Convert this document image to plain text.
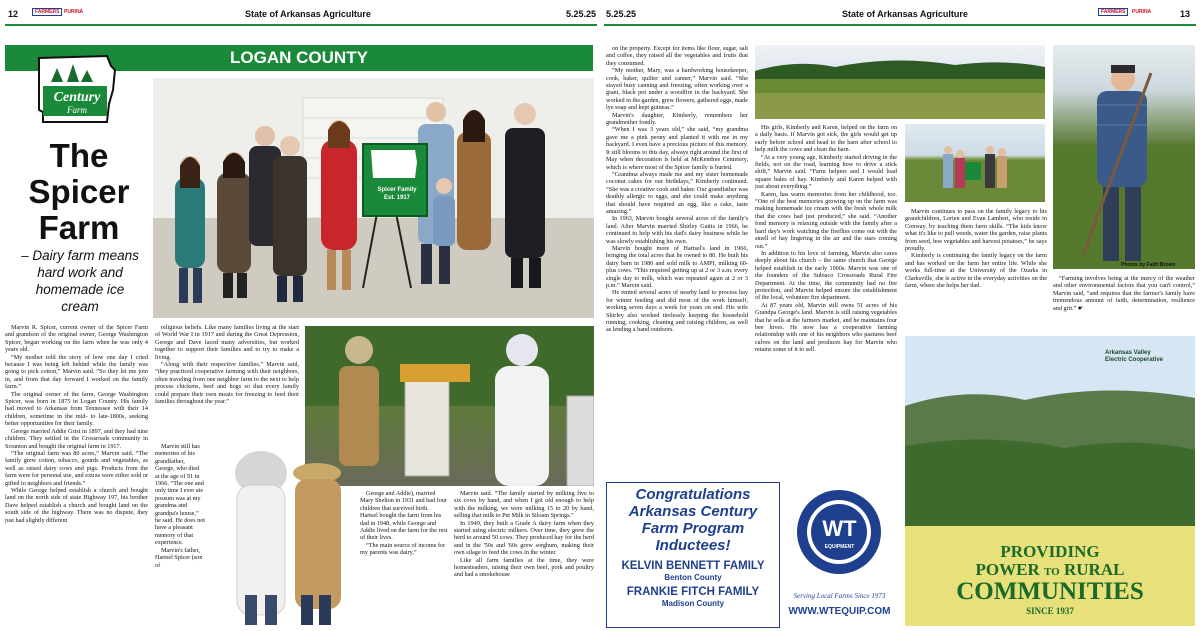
12	FARMERS PURINA	State of Arkansas Agriculture	5.25.25 5.25.25	State of Arkansas Agriculture	FARMERS	PURINA	13
LOGAN COUNTY
Century
Farm
The
Spicer
Farm
– Dairy farm means hard work and homemade ice cream
Spicer Family
Est. 1917

Marvin R. Spicer, current owner of the Spicer Farm and grandson of the original owner, George Washington Spicer, began working on the farm when he was only 4 years old.

“My mother told the story of how one day I cried because I was being left behind while the family was going to pick cotton,” Marvin said. “So they let me join in, and from that day forward I worked on the family farm.”

The original owner of the farm, George Washington Spicer, was born in 1875 in Logan County. His family had moved to Arkansas from Tennessee with their 14 children, sometime in the mid- to late-1800s, seeking better opportunities for their family.

George married Addie Grist in 1897, and they had nine children. They settled in the Crossroads community in Scranton and bought the original farm in 1917.

“The original farm was 80 acres,” Marvin said. “The family grew cotton, tobacco, gourds and vegetables, as well as raised dairy cows and pigs. Products from the farm were for personal use, and extras were either sold or gifted to neighbors and friends.”

While George helped establish a church and bought land on the north side of state Highway 197, his brother Dave helped establish a church and bought land on the south side of the highway. There was no dispute, they just had slightly different

religious beliefs. Like many families living at the start of World War I in 1917 and during the Great Depression, George and Dave faced many adversities, but worked together to support their families and to try to make a living.

“Along with their respective families,” Marvin said, “they practiced cooperative farming with their neighbors, often traveling from one neighbor farm to the next to help process chickens, beef and hogs so that every family could prepare their own meats for freezing to feed their families throughout the year.”

Marvin still has memories of his grandfather, George, who died at the age of 91 in 1966. “The one and only time I ever ate possum was at my grandma and grandpa's house,” he said. He does not have a pleasant memory of that experience.

Marvin's father, Hartsel Spicer (son of

George and Addie), married Mary Shelton in 1931 and had four children that survived birth. Hartsel bought the farm from his dad in 1948, while George and Addie lived on the farm for the rest of their lives.

“The main source of income for my parents was dairy,”

Marvin said. “The family started by milking five to six cows by hand, and when I got old enough to help with the milking, we were milking 15 to 20 by hand, selling that milk to Pet Milk in Siloam Springs.”

In 1949, they built a Grade A dairy farm when they started using electric milkers. Over time, they grew the herd to around 50 cows. They produced hay for the herd and in the '50s and '60s grew sorghum, making their own silage to feed the cows in the winter.

Like all farm families at the time, they were homesteaders, raising their own beef, pork and poultry and had a smokehouse

on the property. Except for items like flour, sugar, salt and coffee, they raised all the vegetables and fruits that they consumed.

“My mother, Mary, was a hardworking housekeeper, cook, baker, quilter and canner,” Marvin said. “She stayed busy canning and freezing, often working over a giant, black pot under a woodfire in the backyard. She worked in the garden, grew flowers, gathered eggs, made lye soap and kept guineas.”

Marvin's daughter, Kimberly, remembers her grandmother fondly.

“When I was 3 years old,” she said, “my grandma gave me a pink peony and planted it with me in my backyard. I even have a precious picture of this memory. It still blooms to this day, always right around the first of May when decoration is held at McKendree Cemetery, which is where most of the Spicer family is buried.

“Grandma always made me and my sister homemade coconut cakes for our birthdays,” Kimberly continued. “She was a creative cook and baker. Our grandfather was deathly allergic to eggs, and she could make anything that should have required an egg, like a cake, taste amazing.”

In 1963, Marvin bought several acres of the family's land. After Marvin married Shirley Gattis in 1966, he continued to help with his dad's dairy business while he was slowly establishing his own.

Marvin bought more of Hartsel's land in 1966, bringing the total acres that he owned to 80. He built his dairy barn in 1980 and sold milk to AMPI, milking 60-plus cows. “This required getting up at 2 or 3 a.m. every single day to milk, which was repeated again at 2 or 3 p.m.” Marvin said.

He rented several acres of nearby land to process hay for winter feeding and did most of the work himself, working seven days a week for years on end. His wife Shirley also worked tirelessly keeping the household running, cooking, cleaning and raising children, as well as lending a hand outdoors.

His girls, Kimberly and Karen, helped on the farm on a daily basis. If Marvin got sick, the girls would get up early before school and head to the barn after school to help milk the cows and clean the barn.

“At a very young age, Kimberly started driving in the fields, not on the road, learning how to drive a stick shift,” Marvin said. “Farm helpers and I would load square bales of hay. Kimberly and Karen helped with just about everything.”

Karen, has warm memories from her childhood, too. “One of the best memories growing up on the farm was making homemade ice cream with the fresh whole milk that the cows had just produced,” she said. “Another fond memory is relaxing outside with the family after a hard day's work watching the fireflies come out with the smell of hay lingering in the air and the stars coming out.”

In addition to his love of farming, Marvin also cares deeply about his church – the same church that George helped establish in the early 1900s. Marvin was one of the founders of the Subiaco Crossroads Rural Fire Department. At the time, the community had no fire protection, and Marvin helped ensure the establishment of the local, volunteer fire department.

At 87 years old, Marvin still owns 51 acres of his Grandpa George's land. Marvin is still raising vegetables that he sells at the farmers market, and he maintains four bee hives. He now has a cooperative farming relationship with one of his neighbors who pastures beef calves on the land and produces hay for Marvin who retains some of it to sell.

Marvin continues to pass on the family legacy to his grandchildren, Lorien and Evan Lambert, who reside in Conway, by teaching them farm skills. “The kids know what it's like to pull weeds, water the garden, raise plants from seed, hoe vegetables and harvest potatoes,” he says proudly.

Kimberly is continuing the family legacy on the farm and has worked on the farm her entire life. While she works full-time at the University of the Ozarks in Clarksville, she is active in the everyday activities on the farm, where she helps her dad.

Photos by Faith Brown

“Farming involves being at the mercy of the weather and other environmental factors that you can't control,” Marvin said, “and requires that the farmer's family have tremendous amount of faith, determination, resilience and grit.” ☛

Congratulations
Arkansas Century
Farm Program
Inductees!
KELVIN BENNETT FAMILY
Benton County
FRANKIE FITCH FAMILY
Madison County
WT
EQUIPMENT
Serving Local Farms Since 1973
WWW.WTEQUIP.COM
Arkansas Valley
Electric Cooperative
PROVIDING
POWER TO RURAL
COMMUNITIES
SINCE 1937
